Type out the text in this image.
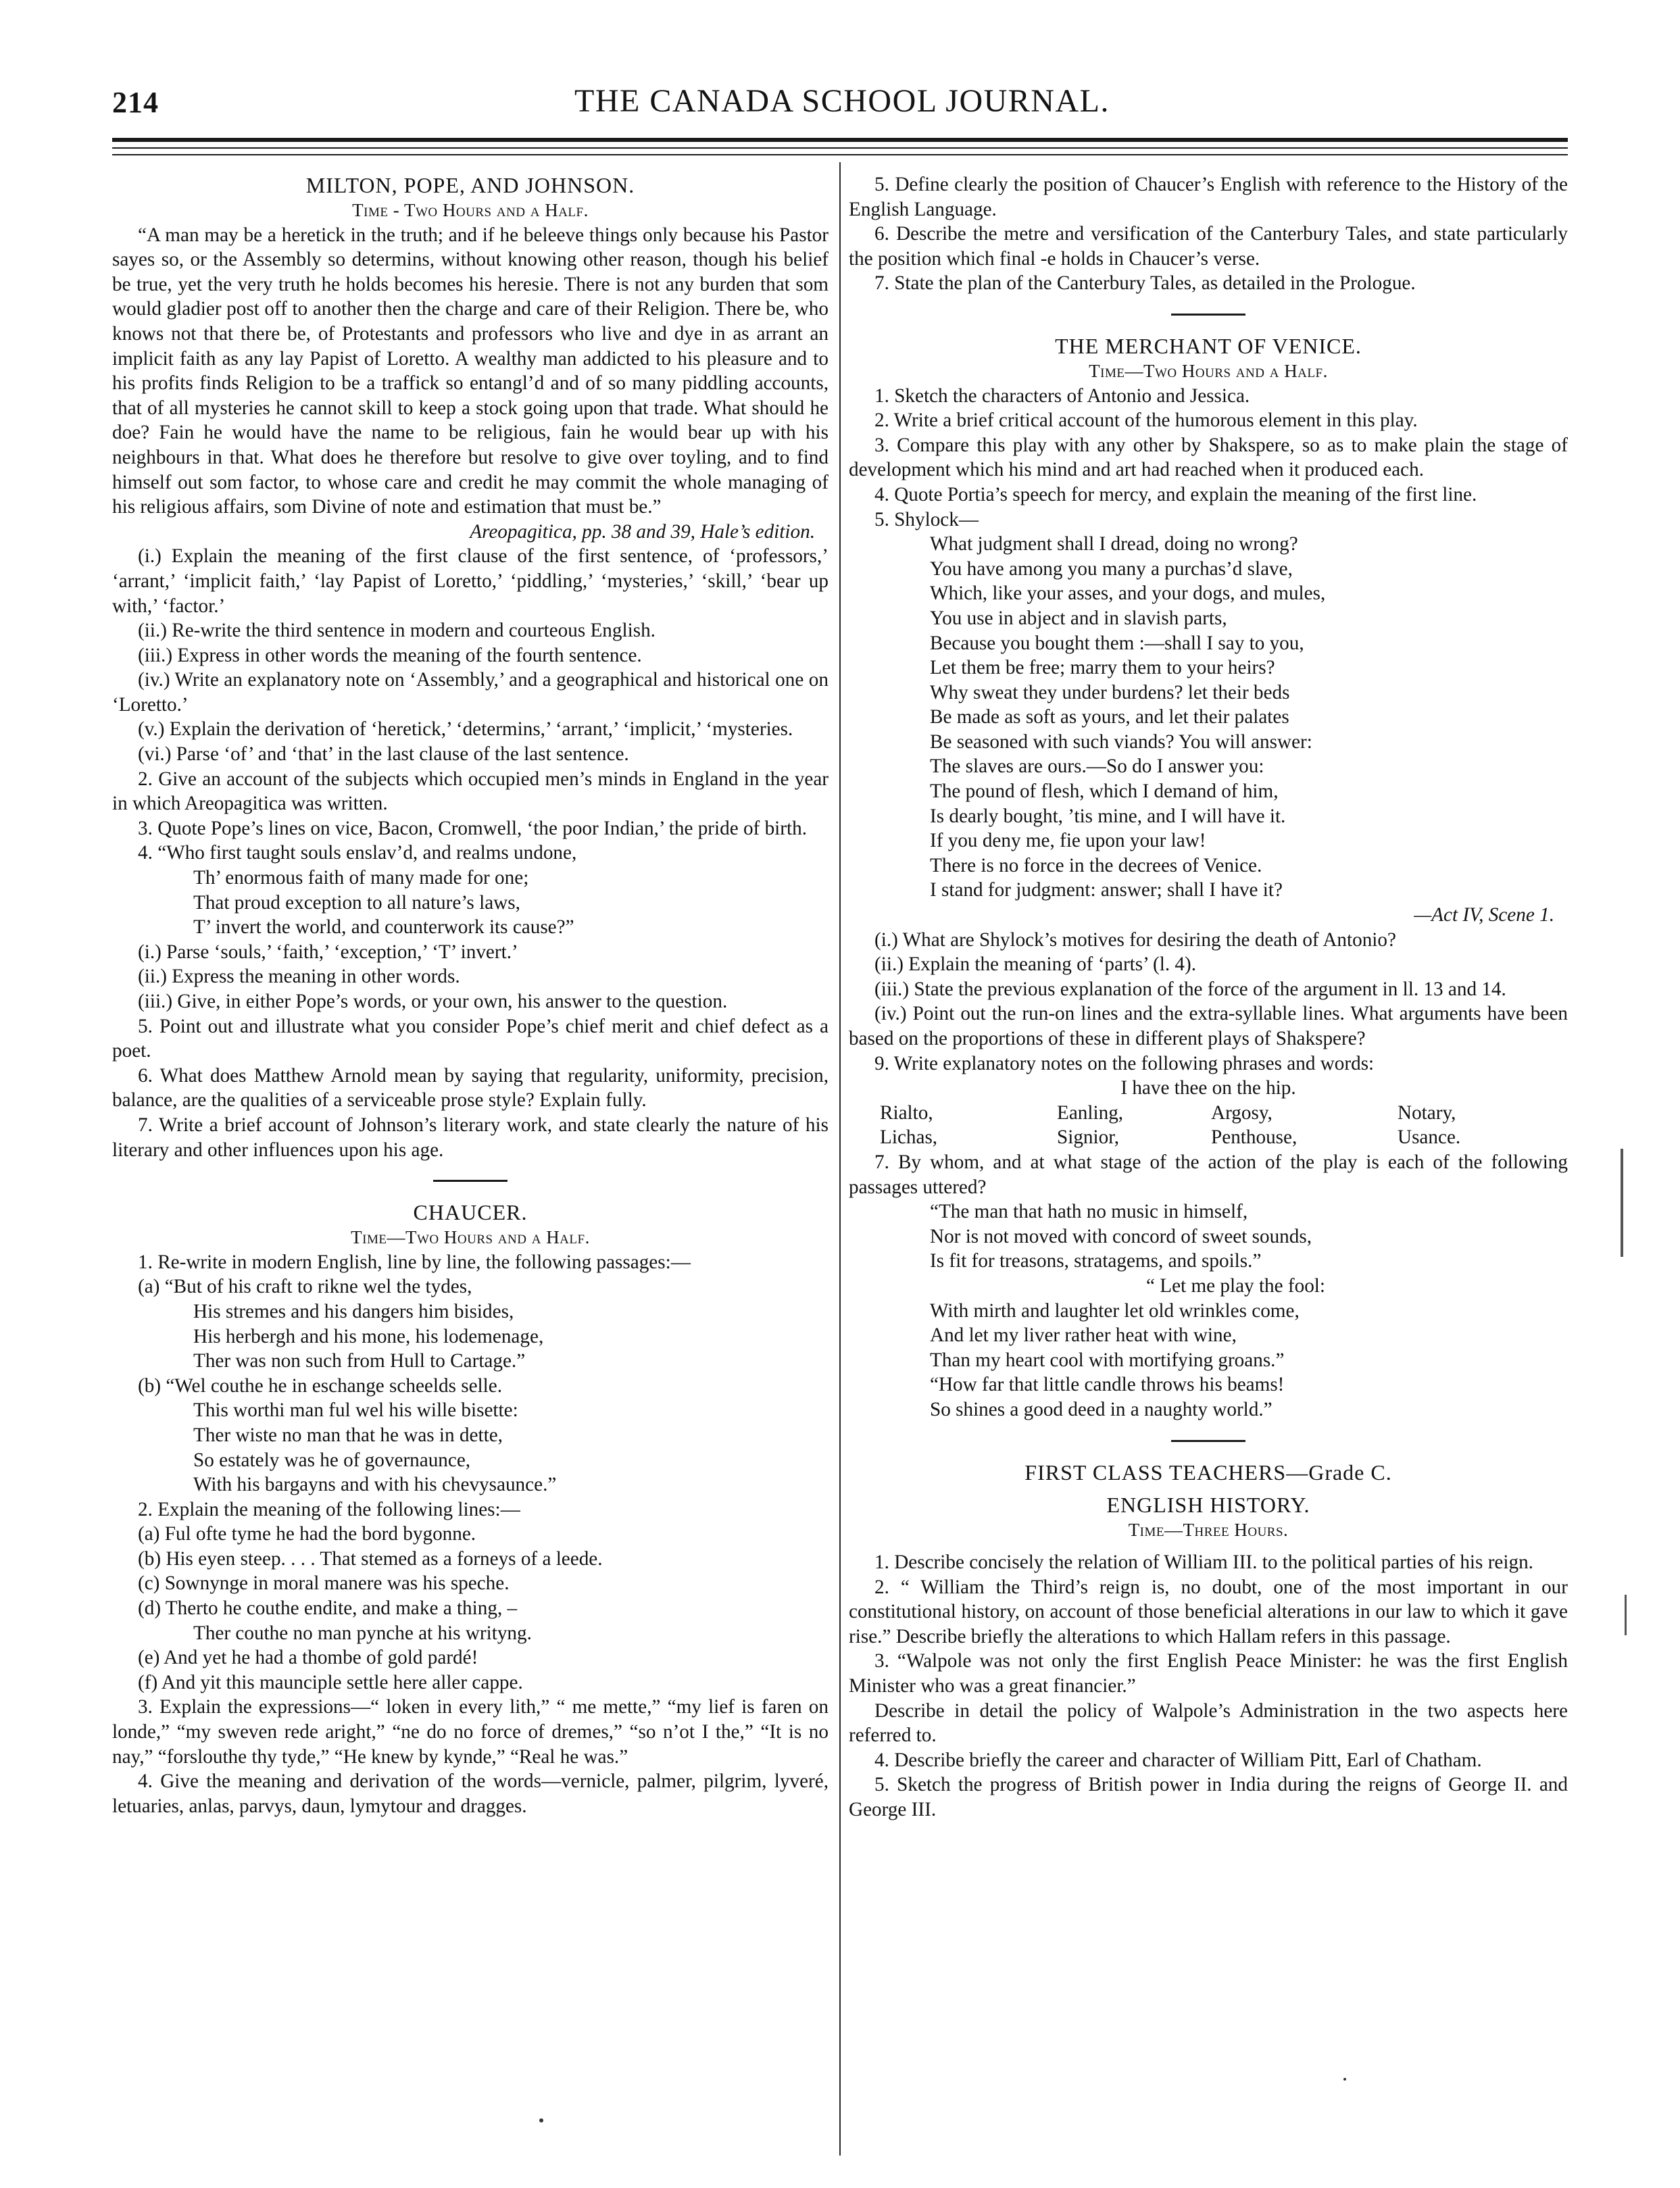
214	THE CANADA SCHOOL JOURNAL.

MILTON, POPE, AND JOHNSON.

Time - Two Hours and a Half.

“A man may be a heretick in the truth; and if he beleeve things only because his Pastor sayes so, or the Assembly so determins, without knowing other reason, though his belief be true, yet the very truth he holds becomes his heresie. There is not any burden that som would gladier post off to another then the charge and care of their Religion. There be, who knows not that there be, of Protestants and professors who live and dye in as arrant an implicit faith as any lay Papist of Loretto. A wealthy man addicted to his pleasure and to his profits finds Religion to be a traffick so entangl’d and of so many piddling accounts, that of all mysteries he cannot skill to keep a stock going upon that trade. What should he doe? Fain he would have the name to be religious, fain he would bear up with his neighbours in that. What does he therefore but resolve to give over toyling, and to find himself out som factor, to whose care and credit he may commit the whole managing of his religious affairs, som Divine of note and estimation that must be.”

Areopagitica, pp. 38 and 39, Hale’s edition.

(i.) Explain the meaning of the first clause of the first sentence, of ‘professors,’ ‘arrant,’ ‘implicit faith,’ ‘lay Papist of Loretto,’ ‘piddling,’ ‘mysteries,’ ‘skill,’ ‘bear up with,’ ‘factor.’

(ii.) Re-write the third sentence in modern and courteous English.

(iii.) Express in other words the meaning of the fourth sentence.

(iv.) Write an explanatory note on ‘Assembly,’ and a geographical and historical one on ‘Loretto.’

(v.) Explain the derivation of ‘heretick,’ ‘determins,’ ‘arrant,’ ‘implicit,’ ‘mysteries.

(vi.) Parse ‘of’ and ‘that’ in the last clause of the last sentence.

2. Give an account of the subjects which occupied men’s minds in England in the year in which Areopagitica was written.

3. Quote Pope’s lines on vice, Bacon, Cromwell, ‘the poor Indian,’ the pride of birth.

4. “Who first taught souls enslav’d, and realms undone,

Th’ enormous faith of many made for one;

That proud exception to all nature’s laws,

T’ invert the world, and counterwork its cause?”

(i.) Parse ‘souls,’ ‘faith,’ ‘exception,’ ‘T’ invert.’

(ii.) Express the meaning in other words.

(iii.) Give, in either Pope’s words, or your own, his answer to the question.

5. Point out and illustrate what you consider Pope’s chief merit and chief defect as a poet.

6. What does Matthew Arnold mean by saying that regularity, uniformity, precision, balance, are the qualities of a serviceable prose style? Explain fully.

7. Write a brief account of Johnson’s literary work, and state clearly the nature of his literary and other influences upon his age.

CHAUCER.

Time—Two Hours and a Half.

1. Re-write in modern English, line by line, the following passages:—

(a) “But of his craft to rikne wel the tydes,

His stremes and his dangers him bisides,

His herbergh and his mone, his lodemenage,

Ther was non such from Hull to Cartage.”

(b) “Wel couthe he in eschange scheelds selle.

This worthi man ful wel his wille bisette:

Ther wiste no man that he was in dette,

So estately was he of governaunce,

With his bargayns and with his chevysaunce.”

2. Explain the meaning of the following lines:—

(a) Ful ofte tyme he had the bord bygonne.

(b) His eyen steep. . . . That stemed as a forneys of a leede.

(c) Sownynge in moral manere was his speche.

(d) Therto he couthe endite, and make a thing, –

Ther couthe no man pynche at his writyng.

(e) And yet he had a thombe of gold pardé!

(f) And yit this maunciple settle here aller cappe.

3. Explain the expressions—“ loken in every lith,” “ me mette,” “my lief is faren on londe,” “my sweven rede aright,” “ne do no force of dremes,” “so n’ot I the,” “It is no nay,” “forslouthe thy tyde,” “He knew by kynde,” “Real he was.”

4. Give the meaning and derivation of the words—vernicle, palmer, pilgrim, lyveré, letuaries, anlas, parvys, daun, lymytour and dragges.

5. Define clearly the position of Chaucer’s English with reference to the History of the English Language.

6. Describe the metre and versification of the Canterbury Tales, and state particularly the position which final -e holds in Chaucer’s verse.

7. State the plan of the Canterbury Tales, as detailed in the Prologue.

THE MERCHANT OF VENICE.

Time—Two Hours and a Half.

1. Sketch the characters of Antonio and Jessica.

2. Write a brief critical account of the humorous element in this play.

3. Compare this play with any other by Shakspere, so as to make plain the stage of development which his mind and art had reached when it produced each.

4. Quote Portia’s speech for mercy, and explain the meaning of the first line.

5. Shylock—

What judgment shall I dread, doing no wrong?

You have among you many a purchas’d slave,

Which, like your asses, and your dogs, and mules,

You use in abject and in slavish parts,

Because you bought them :—shall I say to you,

Let them be free; marry them to your heirs?

Why sweat they under burdens? let their beds

Be made as soft as yours, and let their palates

Be seasoned with such viands? You will answer:

The slaves are ours.—So do I answer you:

The pound of flesh, which I demand of him,

Is dearly bought, ’tis mine, and I will have it.

If you deny me, fie upon your law!

There is no force in the decrees of Venice.

I stand for judgment: answer; shall I have it?

—Act IV, Scene 1.

(i.) What are Shylock’s motives for desiring the death of Antonio?

(ii.) Explain the meaning of ‘parts’ (l. 4).

(iii.) State the previous explanation of the force of the argument in ll. 13 and 14.

(iv.) Point out the run-on lines and the extra-syllable lines. What arguments have been based on the proportions of these in different plays of Shakspere?

9. Write explanatory notes on the following phrases and words:

I have thee on the hip.

Rialto,	Eanling,	Argosy,	Notary,
Lichas,	Signior,	Penthouse,	Usance.

7. By whom, and at what stage of the action of the play is each of the following passages uttered?

“The man that hath no music in himself,

Nor is not moved with concord of sweet sounds,

Is fit for treasons, stratagems, and spoils.”

“ Let me play the fool:

With mirth and laughter let old wrinkles come,

And let my liver rather heat with wine,

Than my heart cool with mortifying groans.”

“How far that little candle throws his beams!

So shines a good deed in a naughty world.”

FIRST CLASS TEACHERS—Grade C.

ENGLISH HISTORY.

Time—Three Hours.

1. Describe concisely the relation of William III. to the political parties of his reign.

2. “ William the Third’s reign is, no doubt, one of the most important in our constitutional history, on account of those beneficial alterations in our law to which it gave rise.” Describe briefly the alterations to which Hallam refers in this passage.

3. “Walpole was not only the first English Peace Minister: he was the first English Minister who was a great financier.”

Describe in detail the policy of Walpole’s Administration in the two aspects here referred to.

4. Describe briefly the career and character of William Pitt, Earl of Chatham.

5. Sketch the progress of British power in India during the reigns of George II. and George III.
